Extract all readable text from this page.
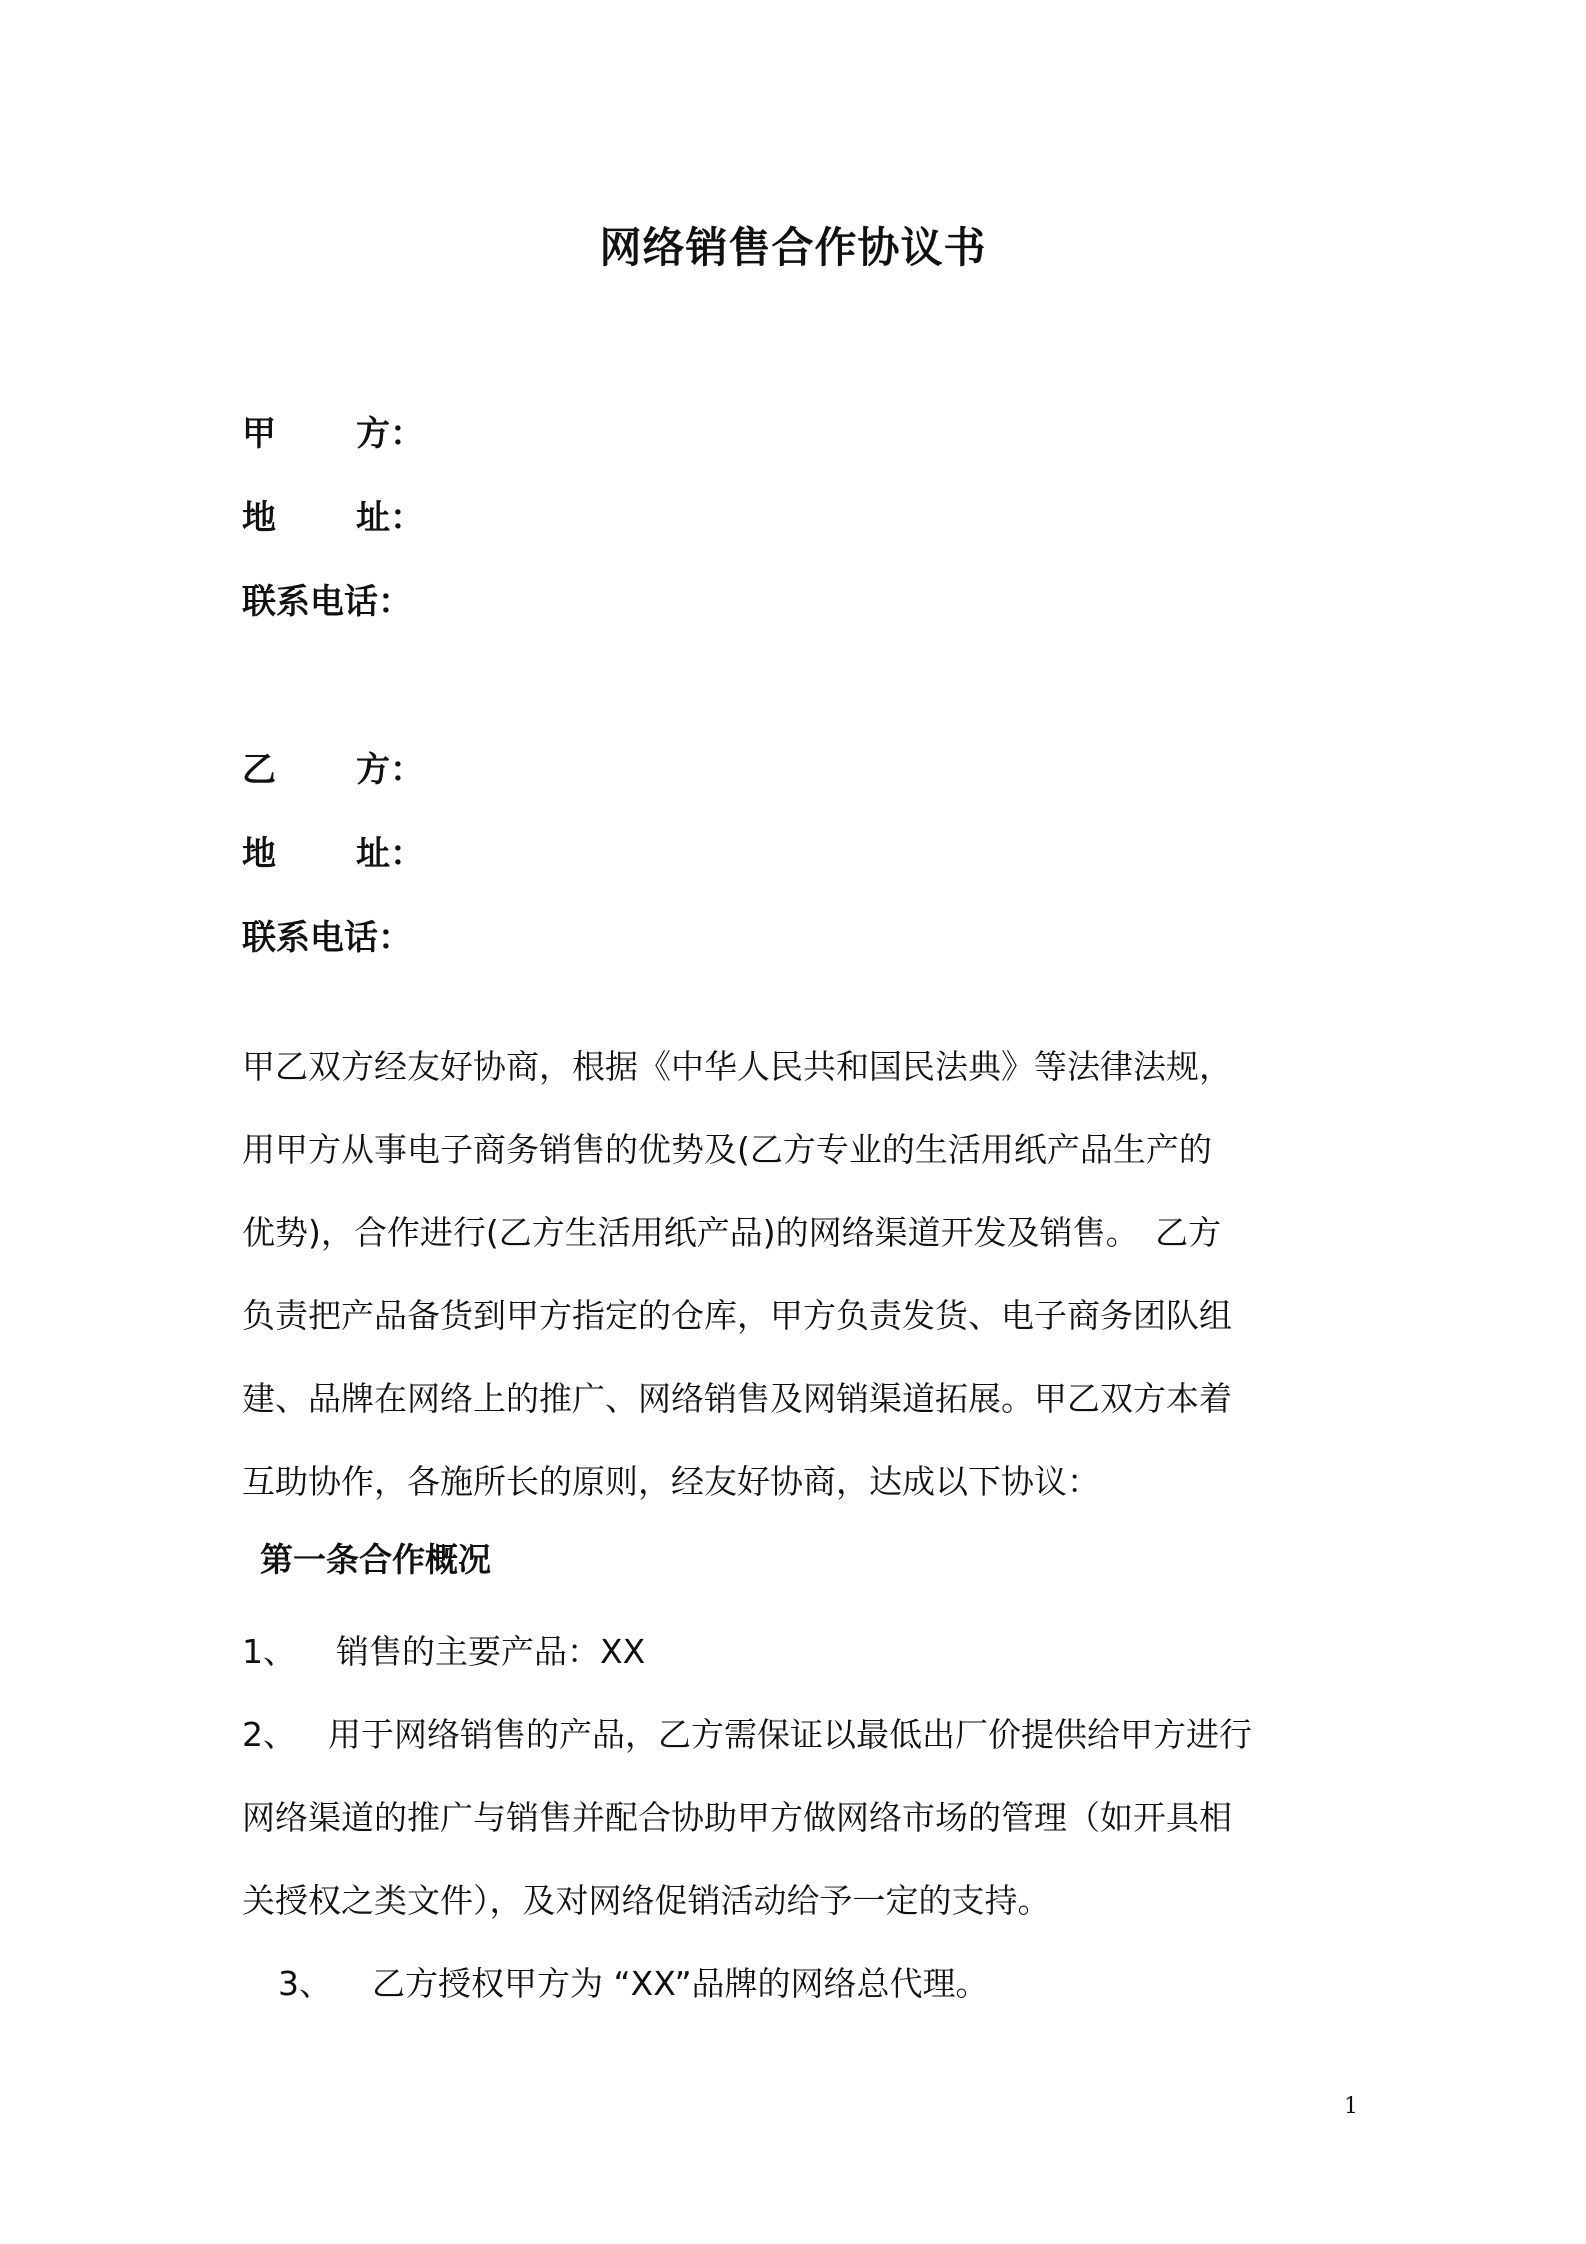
网络销售合作协议书
甲 方：
地 址：
联系电话：
乙 方：
地 址：
联系电话：
甲乙双方经友好协商，根据《中华人民共和国民法典》等法律法规，
用甲方从事电子商务销售的优势及(乙方专业的生活用纸产品生产的
优势)，合作进行(乙方生活用纸产品)的网络渠道开发及销售。　乙方
负责把产品备货到甲方指定的仓库，甲方负责发货、电子商务团队组
建、品牌在网络上的推广、网络销售及网销渠道拓展。甲乙双方本着
互助协作，各施所长的原则，经友好协商，达成以下协议：
第一条合作概况
1、 销售的主要产品：XX
2、 用于网络销售的产品，乙方需保证以最低出厂价提供给甲方进行
网络渠道的推广与销售并配合协助甲方做网络市场的管理（如开具相
关授权之类文件），及对网络促销活动给予一定的支持。
3、 乙方授权甲方为 “XX”品牌的网络总代理。
1
